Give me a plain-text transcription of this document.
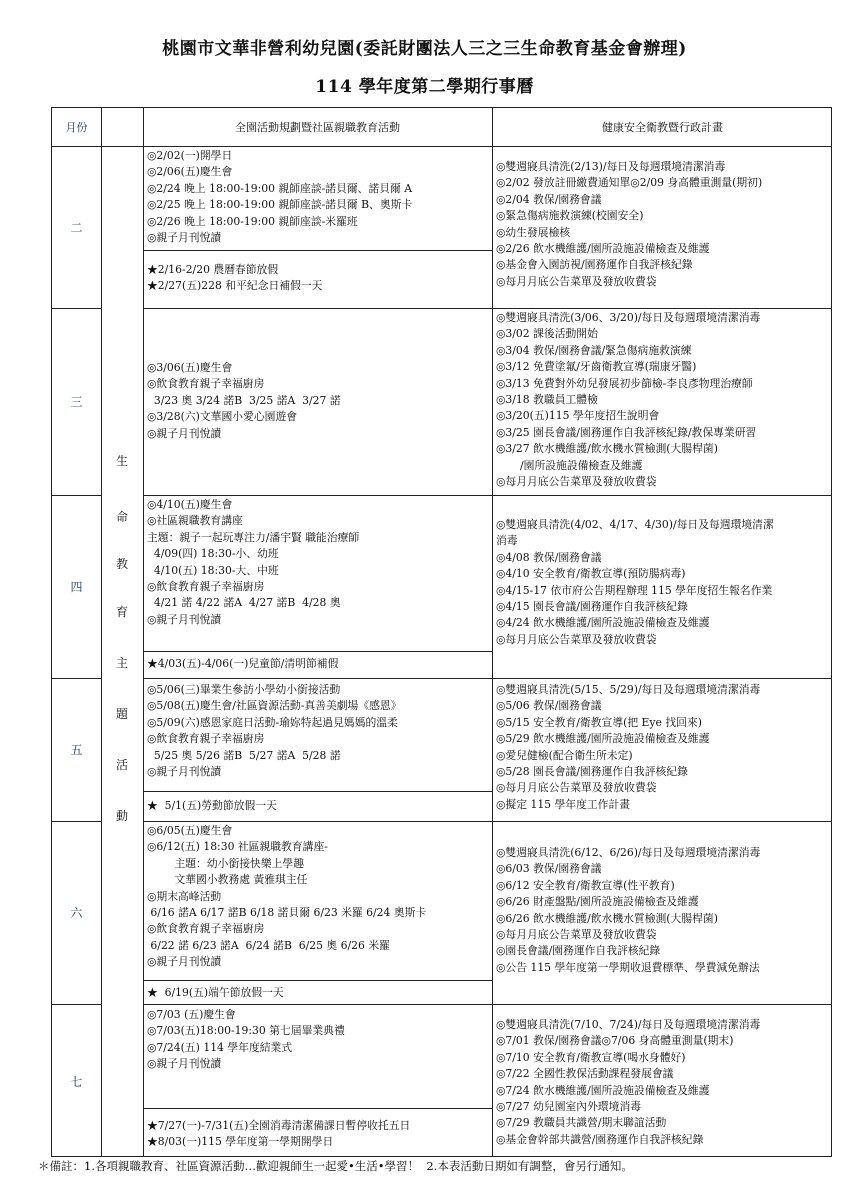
桃園市文華非營利幼兒園(委託財團法人三之三生命教育基金會辦理)
114 學年度第二學期行事曆
月份	全園活動規劃暨社區親職教育活動	健康安全衛教暨行政計畫
二
三
四
五
六
七
生
命
教
育
主
題
活
動
◎2/02(一)開學日
◎2/06(五)慶生會
◎2/24 晚上 18:00-19:00 親師座談-諾貝爾、諾貝爾 A
◎2/25 晚上 18:00-19:00 親師座談-諾貝爾 B、奧斯卡
◎2/26 晚上 18:00-19:00 親師座談-米羅班
◎親子月刊悅讀
★2/16-2/20 農曆春節放假
★2/27(五)228 和平紀念日補假一天
◎雙週寢具清洗(2/13)/每日及每週環境清潔消毒
◎2/02 發放註冊繳費通知單◎2/09 身高體重測量(期初)
◎2/04 教保/園務會議
◎緊急傷病施救演練(校園安全)
◎幼生發展檢核
◎2/26 飲水機維護/園所設施設備檢查及維護
◎基金會入園訪視/園務運作自我評核紀錄
◎每月月底公告菜單及發放收費袋
◎3/06(五)慶生會
◎飲食教育親子幸福廚房
3/23 奧 3/24 諾B  3/25 諾A  3/27 諾
◎3/28(六)文華國小愛心園遊會
◎親子月刊悅讀
◎雙週寢具清洗(3/06、3/20)/每日及每週環境清潔消毒
◎3/02 課後活動開始
◎3/04 教保/園務會議/緊急傷病施救演練
◎3/12 免費塗氟/牙齒衛教宣導(瑞康牙醫)
◎3/13 免費對外幼兒發展初步篩檢-李良彥物理治療師
◎3/18 教職員工體檢
◎3/20(五)115 學年度招生說明會
◎3/25 園長會議/園務運作自我評核紀錄/教保專業研習
◎3/27 飲水機維護/飲水機水質檢測(大腸桿菌)
/園所設施設備檢查及維護
◎每月月底公告菜單及發放收費袋
◎4/10(五)慶生會
◎社區親職教育講座
主題：親子一起玩專注力/潘宇賢 職能治療師
4/09(四) 18:30-小、幼班
4/10(五) 18:30-大、中班
◎飲食教育親子幸福廚房
4/21 諾 4/22 諾A  4/27 諾B  4/28 奧
◎親子月刊悅讀
★4/03(五)-4/06(一)兒童節/清明節補假
◎雙週寢具清洗(4/02、4/17、4/30)/每日及每週環境清潔
消毒
◎4/08 教保/園務會議
◎4/10 安全教育/衛教宣導(預防腸病毒)
◎4/15-17 依市府公告期程辦理 115 學年度招生報名作業
◎4/15 園長會議/園務運作自我評核紀錄
◎4/24 飲水機維護/園所設施設備檢查及維護
◎每月月底公告菜單及發放收費袋
◎5/06(三)畢業生參訪小學幼小銜接活動
◎5/08(五)慶生會/社區資源活動-真善美劇場《感恩》
◎5/09(六)感恩家庭日活動-瑜妳特起過見媽媽的溫柔
◎飲食教育親子幸福廚房
5/25 奧 5/26 諾B  5/27 諾A  5/28 諾
◎親子月刊悅讀
★  5/1(五)勞動節放假一天
◎雙週寢具清洗(5/15、5/29)/每日及每週環境清潔消毒
◎5/06 教保/園務會議
◎5/15 安全教育/衛教宣導(把 Eye 找回來)
◎5/29 飲水機維護/園所設施設備檢查及維護
◎愛兒健檢(配合衛生所未定)
◎5/28 園長會議/園務運作自我評核紀錄
◎每月月底公告菜單及發放收費袋
◎擬定 115 學年度工作計畫
◎6/05(五)慶生會
◎6/12(五) 18:30 社區親職教育講座-
主題：幼小銜接快樂上學趣
文華國小教務處 黃雅琪主任
◎期末高峰活動
6/16 諾A 6/17 諾B 6/18 諾貝爾 6/23 米羅 6/24 奧斯卡
◎飲食教育親子幸福廚房
6/22 諾 6/23 諾A  6/24 諾B  6/25 奧 6/26 米羅
◎親子月刊悅讀
★  6/19(五)端午節放假一天
◎雙週寢具清洗(6/12、6/26)/每日及每週環境清潔消毒
◎6/03 教保/園務會議
◎6/12 安全教育/衛教宣導(性平教育)
◎6/26 財產盤點/園所設施設備檢查及維護
◎6/26 飲水機維護/飲水機水質檢測(大腸桿菌)
◎每月月底公告菜單及發放收費袋
◎園長會議/園務運作自我評核紀錄
◎公告 115 學年度第一學期收退費標準、學費減免辦法
◎7/03 (五)慶生會
◎7/03(五)18:00-19:30 第七屆畢業典禮
◎7/24(五) 114 學年度結業式
◎親子月刊悅讀
★7/27(一)-7/31(五)全園消毒清潔備課日暫停收托五日
★8/03(一)115 學年度第一學期開學日
◎雙週寢具清洗(7/10、7/24)/每日及每週環境清潔消毒
◎7/01 教保/園務會議◎7/06 身高體重測量(期末)
◎7/10 安全教育/衛教宣導(喝水身體好)
◎7/22 全國性教保活動課程發展會議
◎7/24 飲水機維護/園所設施設備檢查及維護
◎7/27 幼兒園室內外環境消毒
◎7/29 教職員共識營/期末聯誼活動
◎基金會幹部共識營/園務運作自我評核紀錄
＊備註：1.各項親職教育、社區資源活動…歡迎親師生一起愛•生活•學習！  2.本表活動日期如有調整，會另行通知。
